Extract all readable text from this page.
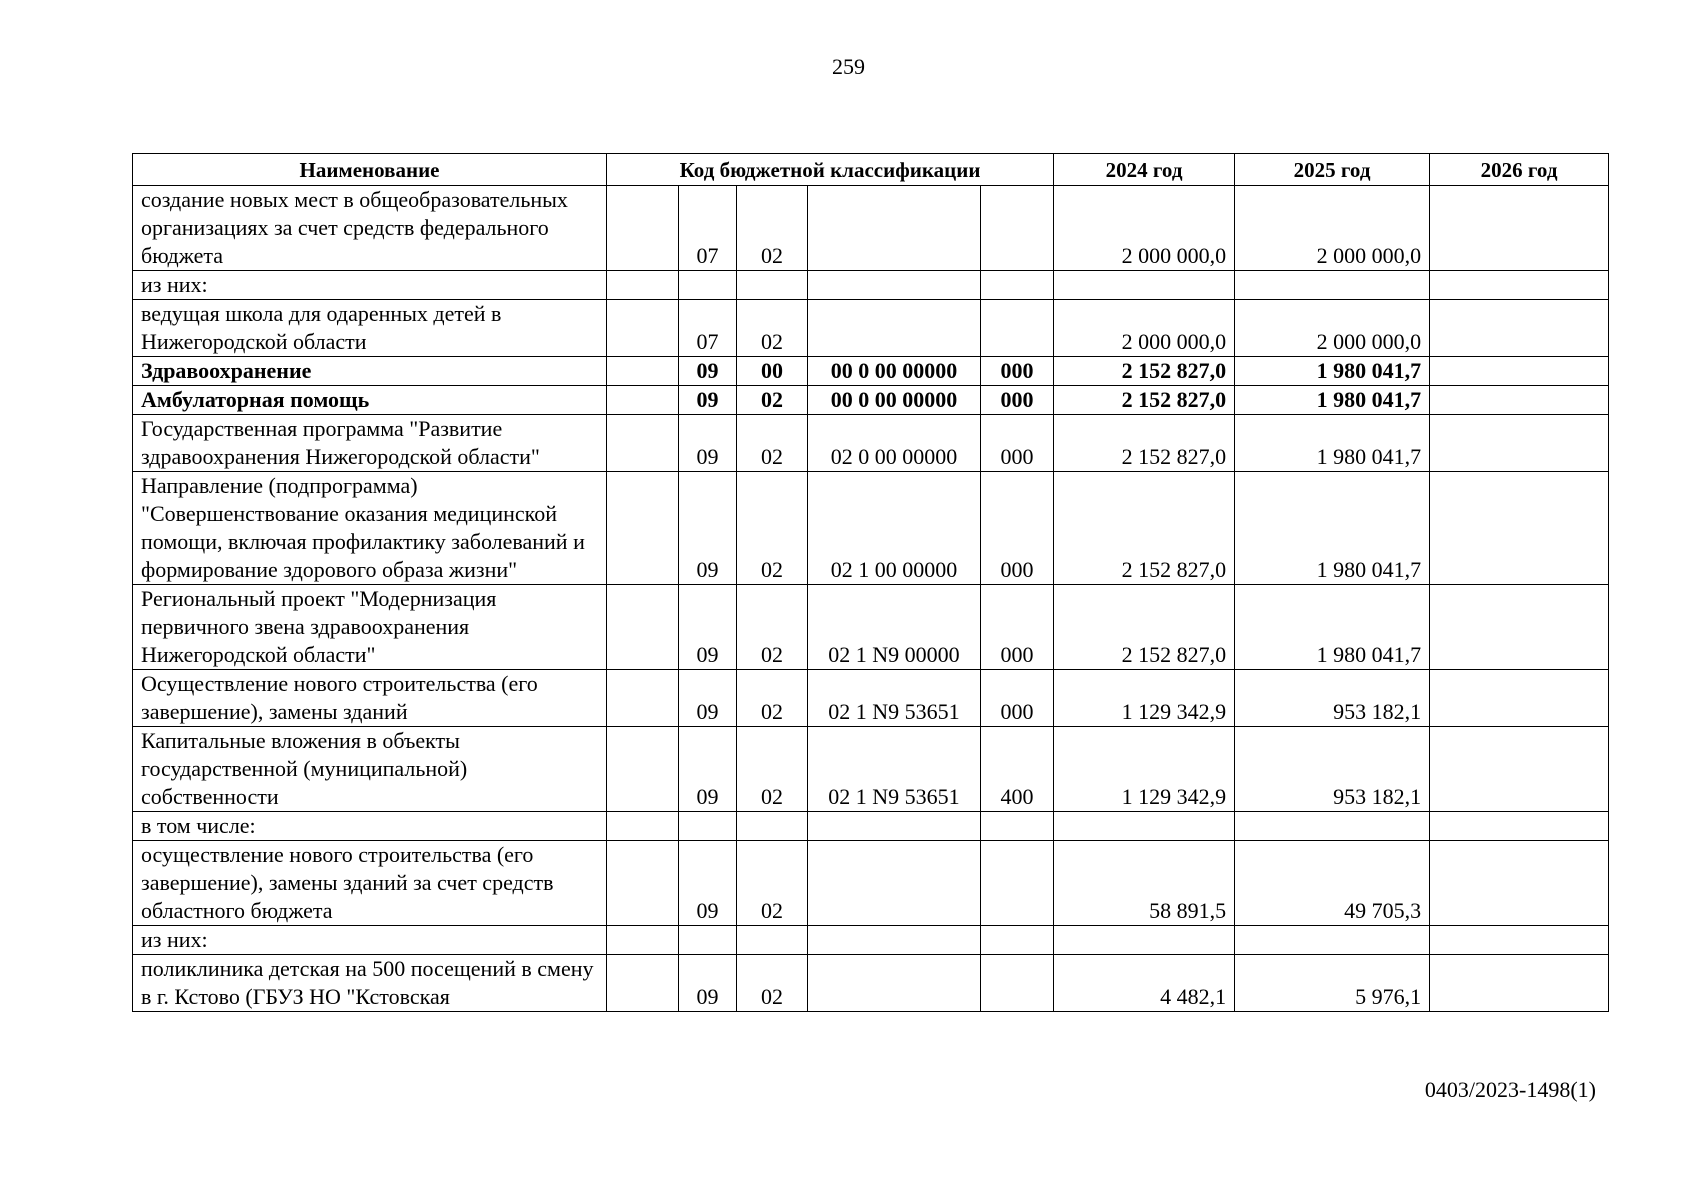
259
Наименование	Код бюджетной классификации					2024 год	2025 год	2026 год
создание новых мест в общеобразовательных организациях за счет средств федерального бюджета		07	02			2 000 000,0	2 000 000,0	
из них:								
ведущая школа для одаренных детей в Нижегородской области		07	02			2 000 000,0	2 000 000,0	
Здравоохранение		09	00	00 0 00 00000	000	2 152 827,0	1 980 041,7	
Амбулаторная помощь		09	02	00 0 00 00000	000	2 152 827,0	1 980 041,7	
Государственная программа "Развитие здравоохранения Нижегородской области"		09	02	02 0 00 00000	000	2 152 827,0	1 980 041,7	
Направление (подпрограмма) "Совершенствование оказания медицинской помощи, включая профилактику заболеваний и формирование здорового образа жизни"		09	02	02 1 00 00000	000	2 152 827,0	1 980 041,7	
Региональный проект "Модернизация первичного звена здравоохранения Нижегородской области"		09	02	02 1 N9 00000	000	2 152 827,0	1 980 041,7	
Осуществление нового строительства (его завершение), замены зданий		09	02	02 1 N9 53651	000	1 129 342,9	953 182,1	
Капитальные вложения в объекты государственной (муниципальной) собственности		09	02	02 1 N9 53651	400	1 129 342,9	953 182,1	
в том числе:								
осуществление нового строительства (его завершение), замены зданий за счет средств областного бюджета		09	02			58 891,5	49 705,3	
из них:								
поликлиника детская на 500 посещений в смену в г. Кстово (ГБУЗ НО "Кстовская		09	02			4 482,1	5 976,1	
0403/2023-1498(1)
